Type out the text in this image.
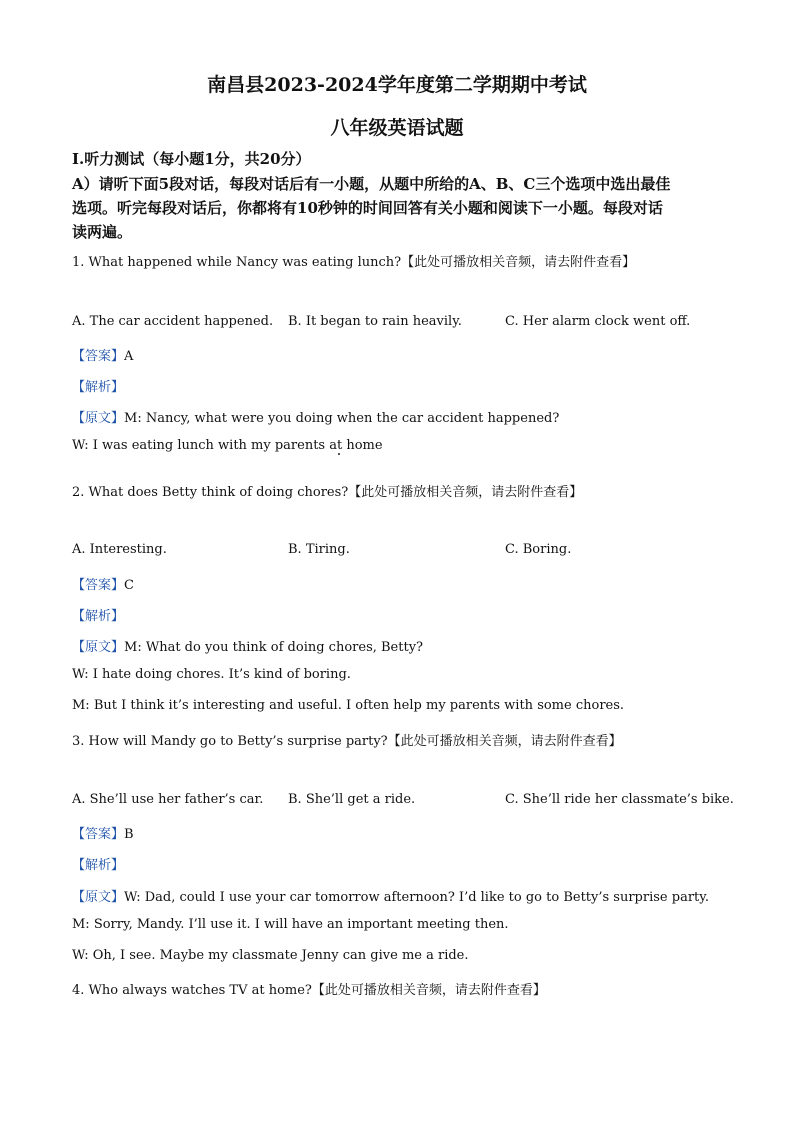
南昌县2023-2024学年度第二学期期中考试
八年级英语试题
Ⅰ.听力测试（每小题1分，共20分）
A）请听下面5段对话，每段对话后有一小题，从题中所给的A、B、C三个选项中选出最佳
选项。听完每段对话后，你都将有10秒钟的时间回答有关小题和阅读下一小题。每段对话
读两遍。
1. What happened while Nancy was eating lunch?【此处可播放相关音频，请去附件查看】
A. The car accident happened. B. It began to rain heavily.	C. Her alarm clock went off.
【答案】A
【解析】
【原文】M: Nancy, what were you doing when the car accident happened?
W: I was eating lunch with my parents at home
2. What does Betty think of doing chores?【此处可播放相关音频，请去附件查看】
A. Interesting.	B. Tiring.	C. Boring.
【答案】C
【解析】
【原文】M: What do you think of doing chores, Betty?
W: I hate doing chores. It’s kind of boring.
M: But I think it’s interesting and useful. I often help my parents with some chores.
3. How will Mandy go to Betty’s surprise party?【此处可播放相关音频，请去附件查看】
A. She’ll use her father’s car. B. She’ll get a ride.	C. She’ll ride her classmate’s bike.
【答案】B
【解析】
【原文】W: Dad, could I use your car tomorrow afternoon? I’d like to go to Betty’s surprise party.
M: Sorry, Mandy. I’ll use it. I will have an important meeting then.
W: Oh, I see. Maybe my classmate Jenny can give me a ride.
4. Who always watches TV at home?【此处可播放相关音频，请去附件查看】
